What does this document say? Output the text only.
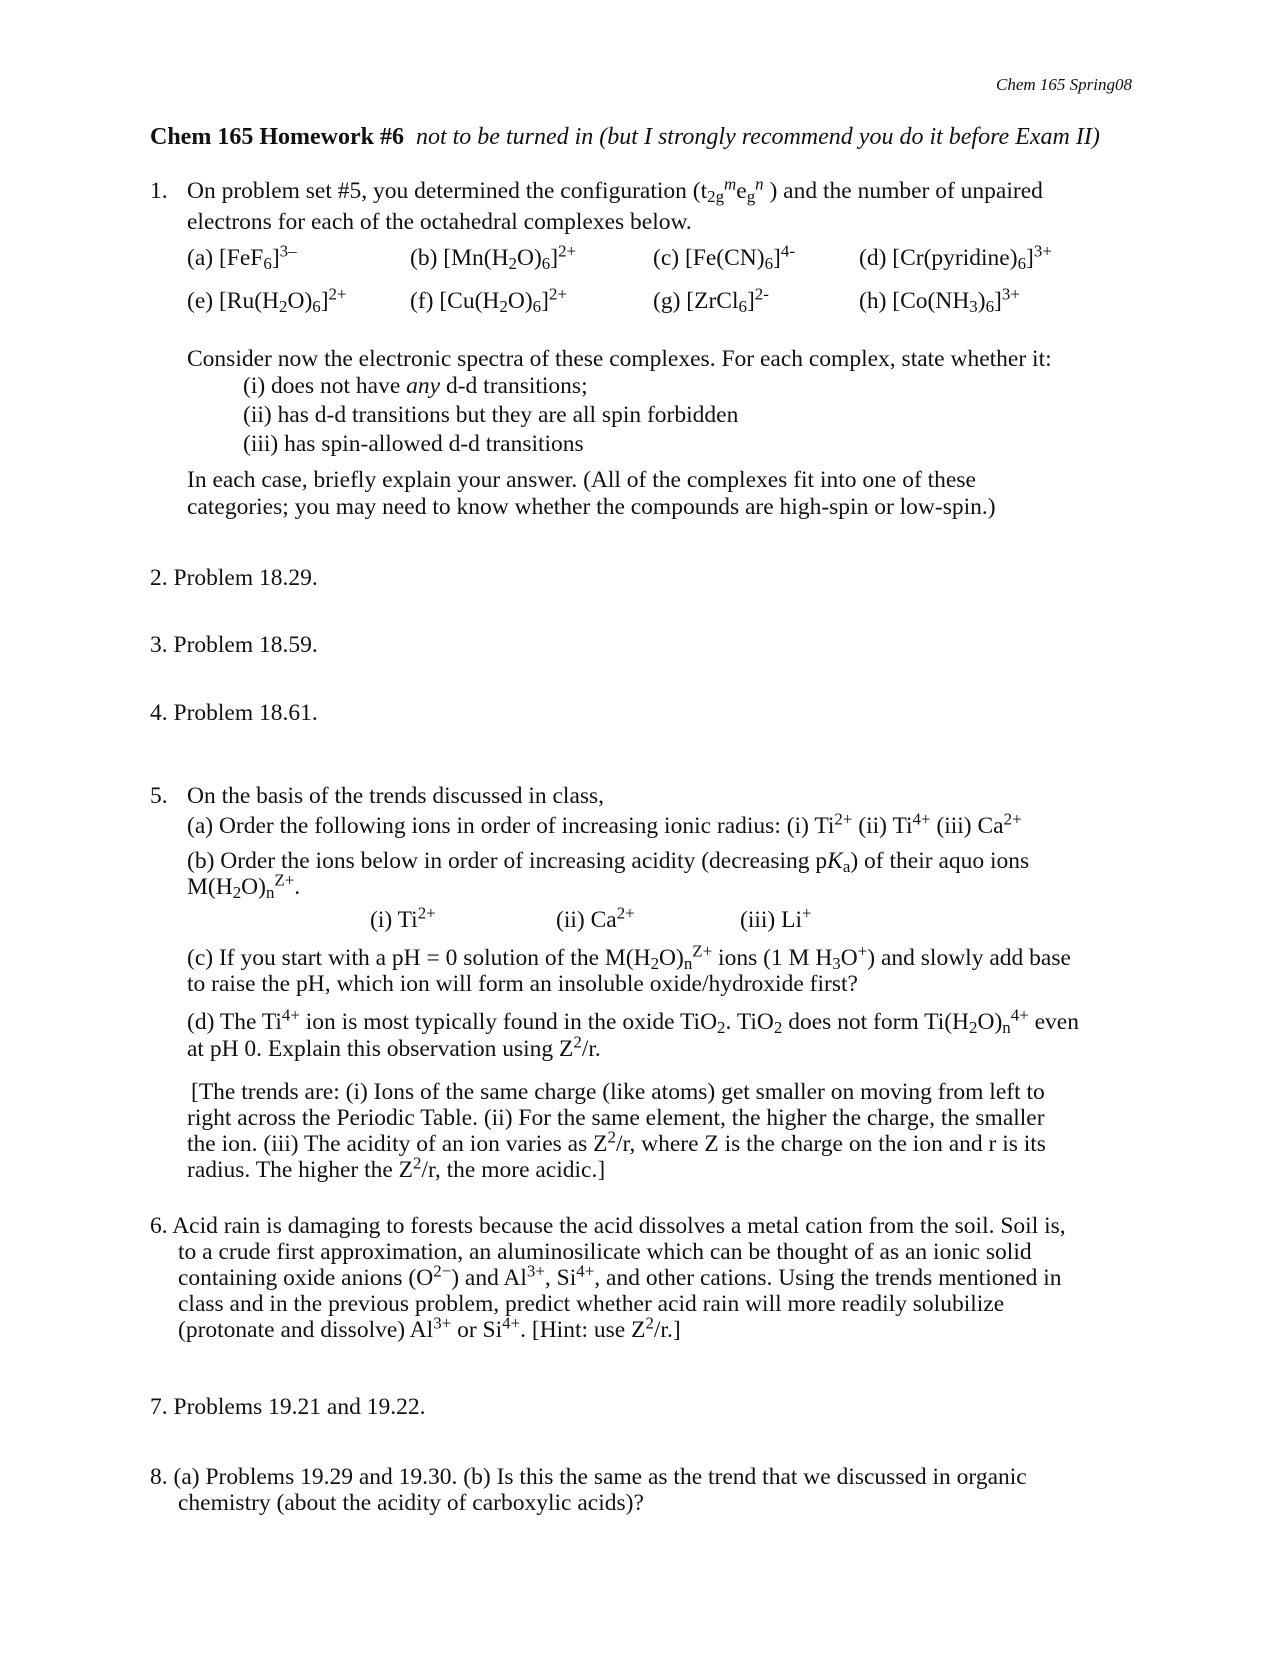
Chem 165 Spring08
Chem 165 Homework #6 not to be turned in (but I strongly recommend you do it before Exam II)
1. On problem set #5, you determined the configuration ($t_{2g}^me_g^n$ ) and the number of unpaired
electrons for each of the octahedral complexes below.
(a) $[FeF_6]^{3-}$	(b) $[Mn(H_2O)_6]^{2+}$	(c) $[Fe(CN)_6]^{4-}$	(d) $[Cr(pyridine)_6]^{3+}$
(e) $[Ru(H_2O)_6]^{2+}$	(f) $[Cu(H_2O)_6]^{2+}$	(g) [ZrCl$_6$]$^{2-}$	(h) $[Co(NH_3)_6]^{3+}$
Consider now the electronic spectra of these complexes. For each complex, state whether it:
(i) does not have any d-d transitions;
(ii) has d-d transitions but they are all spin forbidden
(iii) has spin-allowed d-d transitions
In each case, briefly explain your answer. (All of the complexes fit into one of these
categories; you may need to know whether the compounds are high-spin or low-spin.)
2. Problem 18.29.
3. Problem 18.59.
4. Problem 18.61.
5. On the basis of the trends discussed in class,
(a) Order the following ions in order of increasing ionic radius: (i) $Ti^{2+}$ (ii) $Ti^{4+}$ (iii) $Ca^{2+}$
(b) Order the ions below in order of increasing acidity (decreasing $pK_a$) of their aquo ions
$M(H_2O)_n^{Z+}$.
(i) $Ti^{2+}$	(ii) $Ca^{2+}$	(iii) Li+
(c) If you start with a pH = 0 solution of the $M(H_2O)_n^{Z+}$ ions (1 M $H_3O^+$) and slowly add base
to raise the pH, which ion will form an insoluble oxide/hydroxide first?
(d) The $Ti^{4+}$ ion is most typically found in the oxide TiO$_2$. TiO$_2$ does not form $Ti(H_2O)_n^{4+}$ even
at pH 0. Explain this observation using $Z^2/r$.
[The trends are: (i) Ions of the same charge (like atoms) get smaller on moving from left to
right across the Periodic Table. (ii) For the same element, the higher the charge, the smaller
the ion. (iii) The acidity of an ion varies as $Z^2/r$, where Z is the charge on the ion and r is its
radius. The higher the $Z^2/r$, the more acidic.]
6. Acid rain is damaging to forests because the acid dissolves a metal cation from the soil. Soil is,
to a crude first approximation, an aluminosilicate which can be thought of as an ionic solid
containing oxide anions $(O^{2-})$ and $Al^{3+}$, $Si^{4+}$, and other cations. Using the trends mentioned in
class and in the previous problem, predict whether acid rain will more readily solubilize
(protonate and dissolve) $Al^{3+}$ or $Si^{4+}$. [Hint: use $Z^2/r$.]
7. Problems 19.21 and 19.22.
8. (a) Problems 19.29 and 19.30. (b) Is this the same as the trend that we discussed in organic
chemistry (about the acidity of carboxylic acids)?
